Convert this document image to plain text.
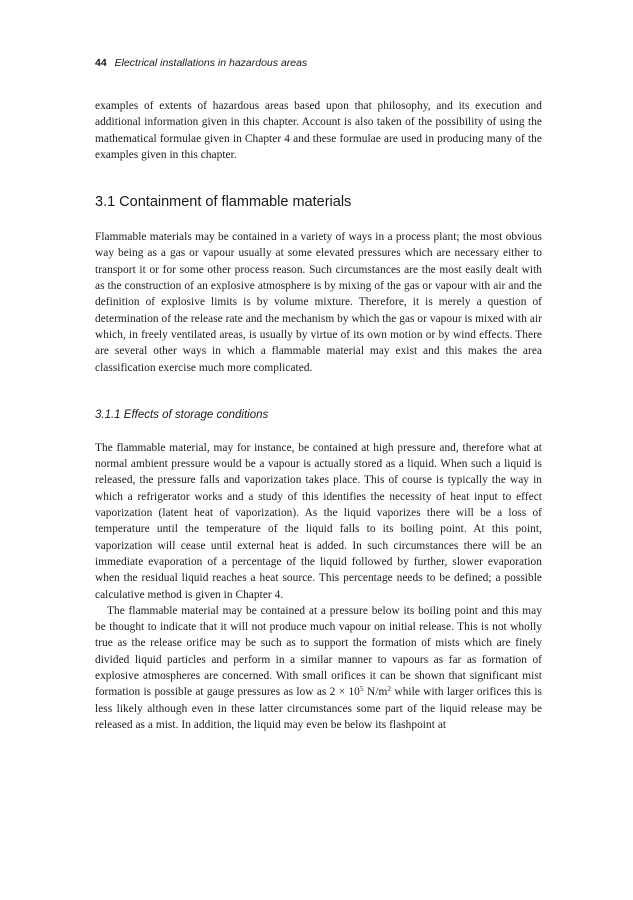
44 Electrical installations in hazardous areas

examples of extents of hazardous areas based upon that philosophy, and its execution and additional information given in this chapter. Account is also taken of the possibility of using the mathematical formulae given in Chapter 4 and these formulae are used in producing many of the examples given in this chapter.

3.1 Containment of flammable materials

Flammable materials may be contained in a variety of ways in a process plant; the most obvious way being as a gas or vapour usually at some elevated pressures which are necessary either to transport it or for some other process reason. Such circumstances are the most easily dealt with as the construction of an explosive atmosphere is by mixing of the gas or vapour with air and the definition of explosive limits is by volume mixture. Therefore, it is merely a question of determination of the release rate and the mechanism by which the gas or vapour is mixed with air which, in freely ventilated areas, is usually by virtue of its own motion or by wind effects. There are several other ways in which a flammable material may exist and this makes the area classification exercise much more complicated.

3.1.1 Effects of storage conditions

The flammable material, may for instance, be contained at high pressure and, therefore what at normal ambient pressure would be a vapour is actually stored as a liquid. When such a liquid is released, the pressure falls and vaporization takes place. This of course is typically the way in which a refrigerator works and a study of this identifies the necessity of heat input to effect vaporization (latent heat of vaporization). As the liquid vaporizes there will be a loss of temperature until the temperature of the liquid falls to its boiling point. At this point, vaporization will cease until external heat is added. In such circumstances there will be an immediate evaporation of a percentage of the liquid followed by further, slower evaporation when the residual liquid reaches a heat source. This percentage needs to be defined; a possible calculative method is given in Chapter 4.

The flammable material may be contained at a pressure below its boiling point and this may be thought to indicate that it will not produce much vapour on initial release. This is not wholly true as the release orifice may be such as to support the formation of mists which are finely divided liquid particles and perform in a similar manner to vapours as far as formation of explosive atmospheres are concerned. With small orifices it can be shown that significant mist formation is possible at gauge pressures as low as $2 \times 10^5$ $N/m^2$ while with larger orifices this is less likely although even in these latter circumstances some part of the liquid release may be released as a mist. In addition, the liquid may even be below its flashpoint at
